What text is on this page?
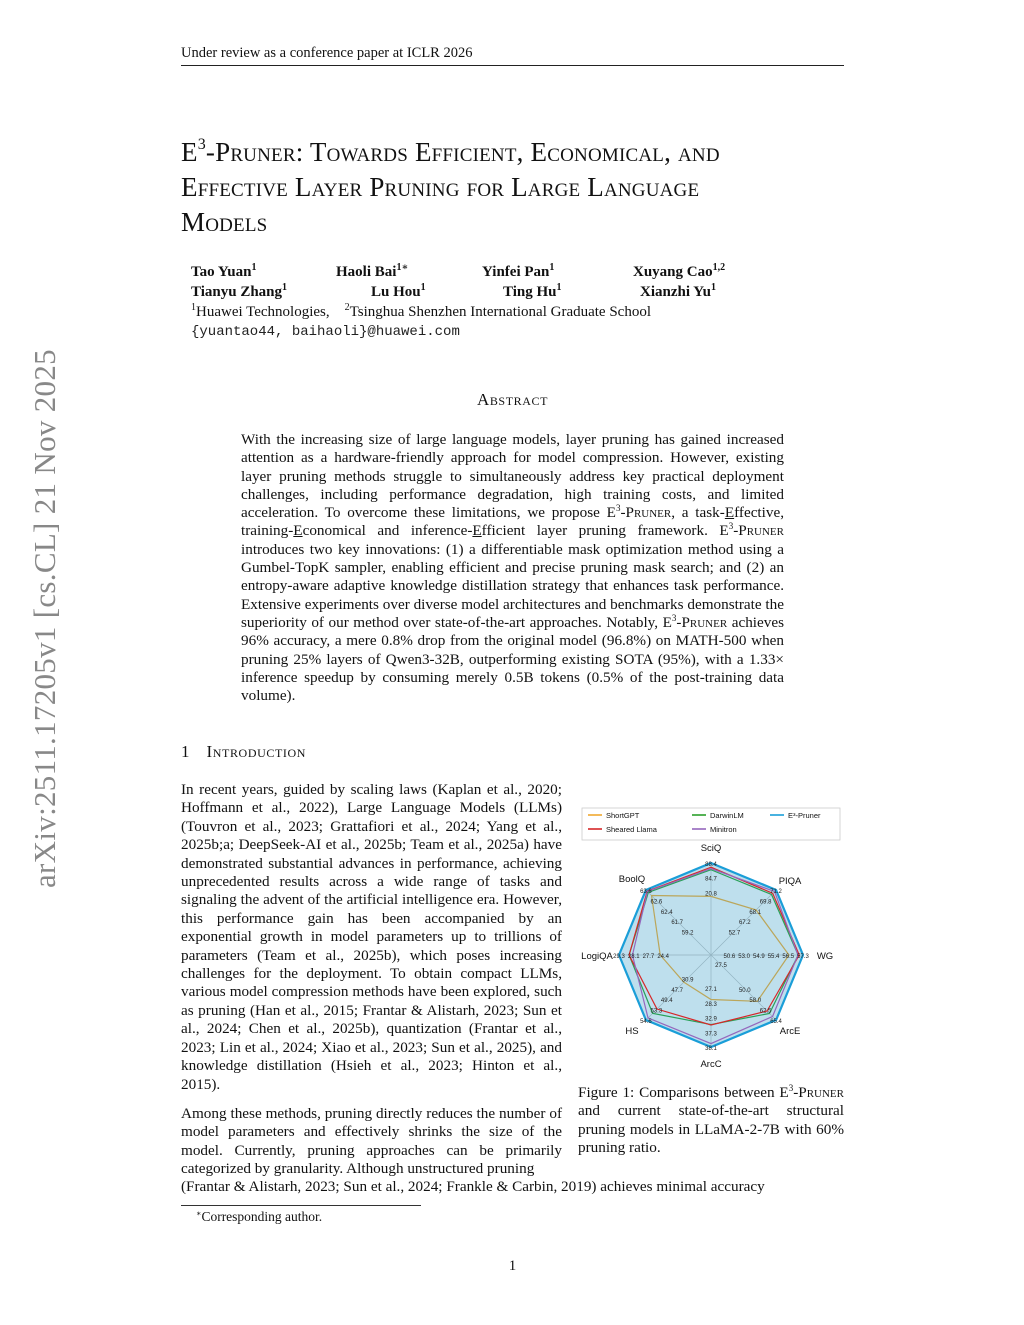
Under review as a conference paper at ICLR 2026
arXiv:2511.17205v1 [cs.CL] 21 Nov 2025
$E^3$-Pruner: Towards Efficient, Economical, and
Effective Layer Pruning for Large Language
Models
Tao Yuan$^1$	Haoli Bai$^{1∗}$	Yinfei Pan$^1$	Xuyang Cao$^{1,2}$
Tianyu Zhang$^1$	Lu Hou$^1$	Ting Hu$^1$	Xianzhi Yu$^1$
$^1$Huawei Technologies, $^2$Tsinghua Shenzhen International Graduate School
{yuantao44, baihaoli}@huawei.com
Abstract
With the increasing size of large language models, layer pruning has gained increased attention as a hardware-friendly approach for model compression. However, existing layer pruning methods struggle to simultaneously address key practical deployment challenges, including performance degradation, high training costs, and limited acceleration. To overcome these limitations, we propose $E^3$-Pruner, a task-Effective, training-Economical and inference-Efficient layer pruning framework. $E^3$-Pruner introduces two key innovations: (1) a differentiable mask optimization method using a Gumbel-TopK sampler, enabling efficient and precise pruning mask search; and (2) an entropy-aware adaptive knowledge distillation strategy that enhances task performance. Extensive experiments over diverse model architectures and benchmarks demonstrate the superiority of our method over state-of-the-art approaches. Notably, $E^3$-Pruner achieves 96% accuracy, a mere 0.8% drop from the original model (96.8%) on MATH-500 when pruning 25% layers of Qwen3-32B, outperforming existing SOTA (95%), with a 1.33× inference speedup by consuming merely 0.5B tokens (0.5% of the post-training data volume).
1 Introduction
In recent years, guided by scaling laws (Kaplan et al., 2020; Hoffmann et al., 2022), Large Language Models (LLMs) (Touvron et al., 2023; Grattafiori et al., 2024; Yang et al., 2025b;a; DeepSeek-AI et al., 2025b; Team et al., 2025a) have demonstrated substantial advances in performance, achieving unprecedented results across a wide range of tasks and signaling the advent of the artificial intelligence era. However, this performance gain has been accompanied by an exponential growth in model parameters up to trillions of parameters (Team et al., 2025b), which poses increasing challenges for the deployment. To obtain compact LLMs, various model compression methods have been explored, such as pruning (Han et al., 2015; Frantar & Alistarh, 2023; Sun et al., 2024; Chen et al., 2025b), quantization (Frantar et al., 2023; Lin et al., 2024; Xiao et al., 2023; Sun et al., 2025), and knowledge distillation (Hsieh et al., 2023; Hinton et al., 2015).
Among these methods, pruning directly reduces the number of model parameters and effectively shrinks the size of the model. Currently, pruning approaches can be primarily categorized by granularity. Although unstructured pruning
(Frantar & Alistarh, 2023; Sun et al., 2024; Frankle & Carbin, 2019) achieves minimal accuracy
ShortGPT	DarwinLM	E³-Pruner
Sheared Llama	Minitron
SciQ
PIQA
WG
ArcE
ArcC
HS
LogiQA
BoolQ
88.4
84.7
20.8	71.2
69.8
68.1
67.2
52.7
57.3
56.5
55.4
54.9
53.0
50.6
65.4
62.5
58.0
50.0
38.1
37.3
32.9
28.3
27.1
54.6
53.3
49.4
47.7
30.9
29.3 28.1 27.7 24.4
63.6
62.6
62.4
61.7
59.2
27.5
Figure 1: Comparisons between $E^3$-Pruner and current state-of-the-art structural pruning models in LLaMA-2-7B with 60% pruning ratio.
∗Corresponding author.
1
